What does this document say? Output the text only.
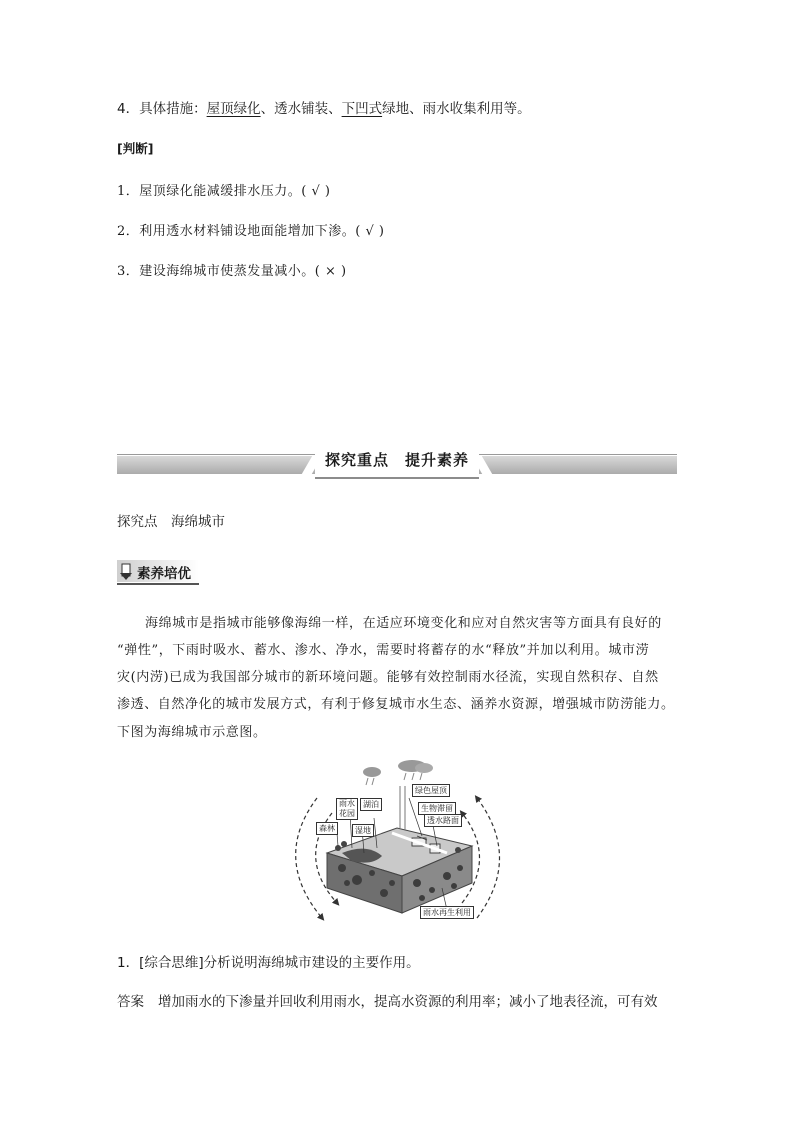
4．具体措施：屋顶绿化、透水铺装、下凹式绿地、雨水收集利用等。
[判断]
1．屋顶绿化能减缓排水压力。( √ )
2．利用透水材料铺设地面能增加下渗。( √ )
3．建设海绵城市使蒸发量减小。( × )
探究重点　提升素养
探究点　海绵城市
素养培优
海绵城市是指城市能够像海绵一样，在适应环境变化和应对自然灾害等方面具有良好的
“弹性”，下雨时吸水、蓄水、渗水、净水，需要时将蓄存的水“释放”并加以利用。城市涝
灾(内涝)已成为我国部分城市的新环境问题。能够有效控制雨水径流，实现自然积存、自然
渗透、自然净化的城市发展方式，有利于修复城市水生态、涵养水资源，增强城市防涝能力。
下图为海绵城市示意图。
绿色屋顶
雨水
花园
湖泊	生物滞留
透水路面
森林	湿地
雨水再生利用
1．[综合思维]分析说明海绵城市建设的主要作用。
答案 增加雨水的下渗量并回收利用雨水，提高水资源的利用率；减小了地表径流，可有效
